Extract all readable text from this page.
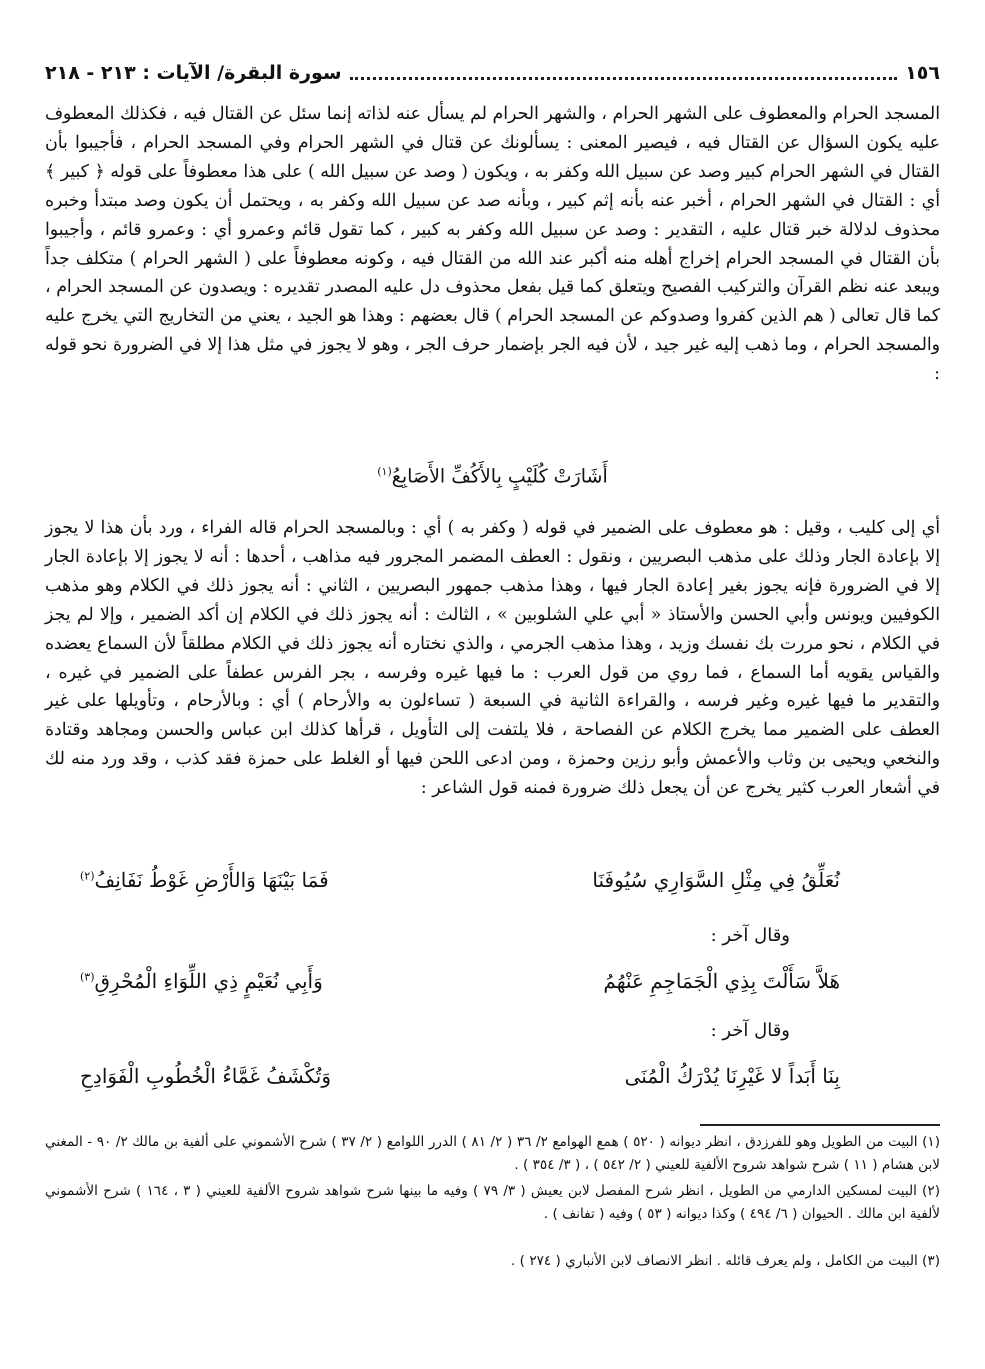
١٥٦
سورة البقرة/ الآيات : ٢١٣ - ٢١٨
المسجد الحرام والمعطوف على الشهر الحرام ، والشهر الحرام لم يسأل عنه لذاته إنما سئل عن القتال فيه ، فكذلك المعطوف عليه يكون السؤال عن القتال فيه ، فيصير المعنى : يسألونك عن قتال في الشهر الحرام وفي المسجد الحرام ، فأجيبوا بأن القتال في الشهر الحرام كبير وصد عن سبيل الله وكفر به ، ويكون ( وصد عن سبيل الله ) على هذا معطوفاً على قوله ﴿ كبير ﴾ أي : القتال في الشهر الحرام ، أخبر عنه بأنه إثم كبير ، وبأنه صد عن سبيل الله وكفر به ، ويحتمل أن يكون وصد مبتدأ وخبره محذوف لدلالة خبر قتال عليه ، التقدير : وصد عن سبيل الله وكفر به كبير ، كما تقول قائم وعمرو أي : وعمرو قائم ، وأجيبوا بأن القتال في المسجد الحرام إخراج أهله منه أكبر عند الله من القتال فيه ، وكونه معطوفاً على ( الشهر الحرام ) متكلف جداً ويبعد عنه نظم القرآن والتركيب الفصيح ويتعلق كما قيل بفعل محذوف دل عليه المصدر تقديره : ويصدون عن المسجد الحرام ، كما قال تعالى ( هم الذين كفروا وصدوكم عن المسجد الحرام ) قال بعضهم : وهذا هو الجيد ، يعني من التخاريج التي يخرج عليه والمسجد الحرام ، وما ذهب إليه غير جيد ، لأن فيه الجر بإضمار حرف الجر ، وهو لا يجوز في مثل هذا إلا في الضرورة نحو قوله :
أَشَارَتْ كُلَيْبٍ بِالأَكُفِّ الأَصَابِعُ$^{(١)}$
أي إلى كليب ، وقيل : هو معطوف على الضمير في قوله ( وكفر به ) أي : وبالمسجد الحرام قاله الفراء ، ورد بأن هذا لا يجوز إلا بإعادة الجار وذلك على مذهب البصريين ، ونقول : العطف المضمر المجرور فيه مذاهب ، أحدها : أنه لا يجوز إلا بإعادة الجار إلا في الضرورة فإنه يجوز بغير إعادة الجار فيها ، وهذا مذهب جمهور البصريين ، الثاني : أنه يجوز ذلك في الكلام وهو مذهب الكوفيين ويونس وأبي الحسن والأستاذ « أبي علي الشلوبين » ، الثالث : أنه يجوز ذلك في الكلام إن أكد الضمير ، وإلا لم يجز في الكلام ، نحو مررت بك نفسك وزيد ، وهذا مذهب الجرمي ، والذي نختاره أنه يجوز ذلك في الكلام مطلقاً لأن السماع يعضده والقياس يقويه أما السماع ، فما روي من قول العرب : ما فيها غيره وفرسه ، بجر الفرس عطفاً على الضمير في غيره ، والتقدير ما فيها غيره وغير فرسه ، والقراءة الثانية في السبعة ( تساءلون به والأرحام ) أي : وبالأرحام ، وتأويلها على غير العطف على الضمير مما يخرج الكلام عن الفصاحة ، فلا يلتفت إلى التأويل ، قرأها كذلك ابن عباس والحسن ومجاهد وقتادة والنخعي ويحيى بن وثاب والأعمش وأبو رزين وحمزة ، ومن ادعى اللحن فيها أو الغلط على حمزة فقد كذب ، وقد ورد منه لك في أشعار العرب كثير يخرج عن أن يجعل ذلك ضرورة فمنه قول الشاعر :
نُعَلِّقُ فِي مِثْلِ السَّوَارِي سُيُوفَنَا
فَمَا بَيْنَهَا وَالأَرْضِ غَوْطُ نَفَانِفُ$^{(٢)}$
وقال آخر :
هَلاَّ سَأَلْتَ بِذِي الْجَمَاجِمِ عَنْهُمُ
وَأَبِي نُعَيْمٍ ذِي اللِّوَاءِ الْمُحْرِقِ$^{(٣)}$
وقال آخر :
بِنَا أَبَداً لا غَيْرِنَا يُدْرَكُ الْمُنَى
وَتُكْشَفُ غَمَّاءُ الْخُطُوبِ الْفَوَادِحِ
(١) البيت من الطويل وهو للفرزدق ، انظر ديوانه ( ٥٢٠ ) همع الهوامع ٢/ ٣٦ ( ٢/ ٨١ ) الدرر اللوامع ( ٢/ ٣٧ ) شرح الأشموني على ألفية بن مالك ٢/ ٩٠ - المغني لابن هشام ( ١١ ) شرح شواهد شروح الألفية للعيني ( ٢/ ٥٤٢ ) ، ( ٣/ ٣٥٤ ) .
(٢) البيت لمسكين الدارمي من الطويل ، انظر شرح المفصل لابن يعيش ( ٣/ ٧٩ ) وفيه ما بينها شرح شواهد شروح الألفية للعيني ( ٣ ، ١٦٤ ) شرح الأشموني لألفية ابن مالك . الحيوان ( ٦/ ٤٩٤ ) وكذا ديوانه ( ٥٣ ) وفيه ( تفانف ) .
(٣) البيت من الكامل ، ولم يعرف قائله . انظر الانصاف لابن الأنباري ( ٢٧٤ ) .
